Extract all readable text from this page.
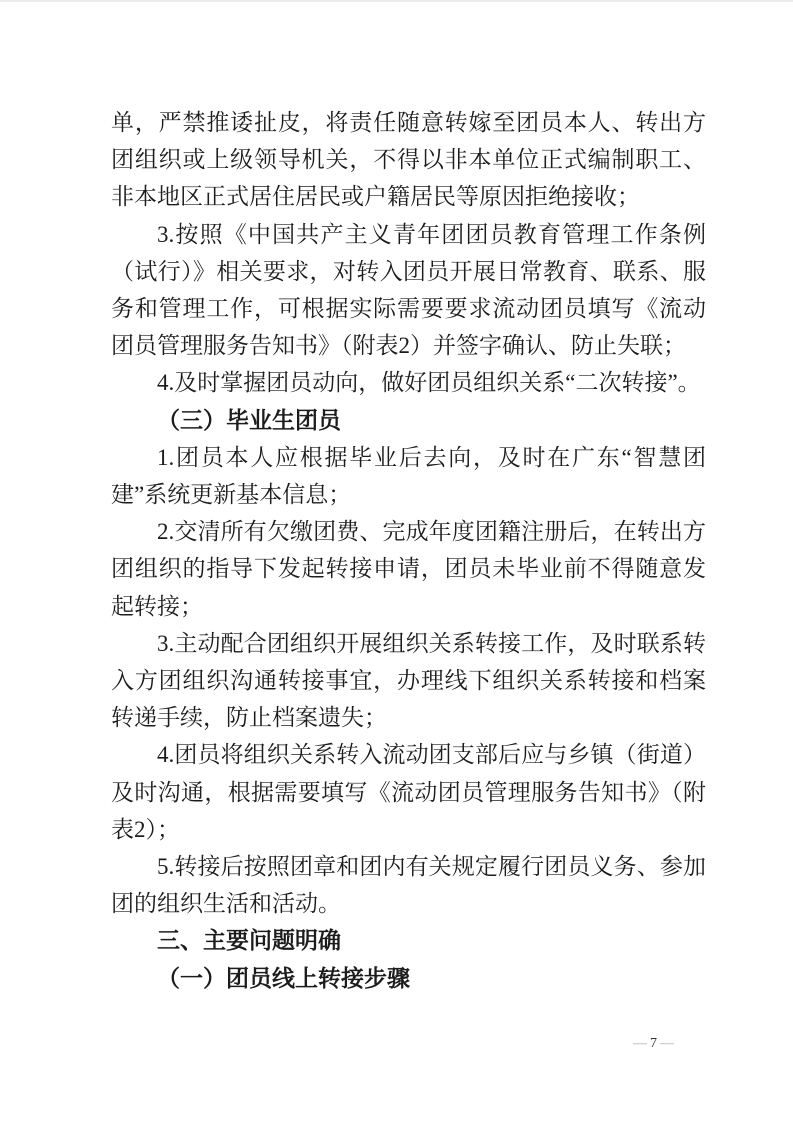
单，严禁推诿扯皮，将责任随意转嫁至团员本人、转出方团组织或上级领导机关，不得以非本单位正式编制职工、非本地区正式居住居民或户籍居民等原因拒绝接收；

3.按照《中国共产主义青年团团员教育管理工作条例（试行）》相关要求，对转入团员开展日常教育、联系、服务和管理工作，可根据实际需要要求流动团员填写《流动团员管理服务告知书》（附表2）并签字确认、防止失联；

4.及时掌握团员动向，做好团员组织关系“二次转接”。

（三）毕业生团员

1.团员本人应根据毕业后去向，及时在广东“智慧团建”系统更新基本信息；

2.交清所有欠缴团费、完成年度团籍注册后，在转出方团组织的指导下发起转接申请，团员未毕业前不得随意发起转接；

3.主动配合团组织开展组织关系转接工作，及时联系转入方团组织沟通转接事宜，办理线下组织关系转接和档案转递手续，防止档案遗失；

4.团员将组织关系转入流动团支部后应与乡镇（街道）及时沟通，根据需要填写《流动团员管理服务告知书》（附表2）；

5.转接后按照团章和团内有关规定履行团员义务、参加团的组织生活和活动。

三、主要问题明确

（一）团员线上转接步骤

— 7 —
